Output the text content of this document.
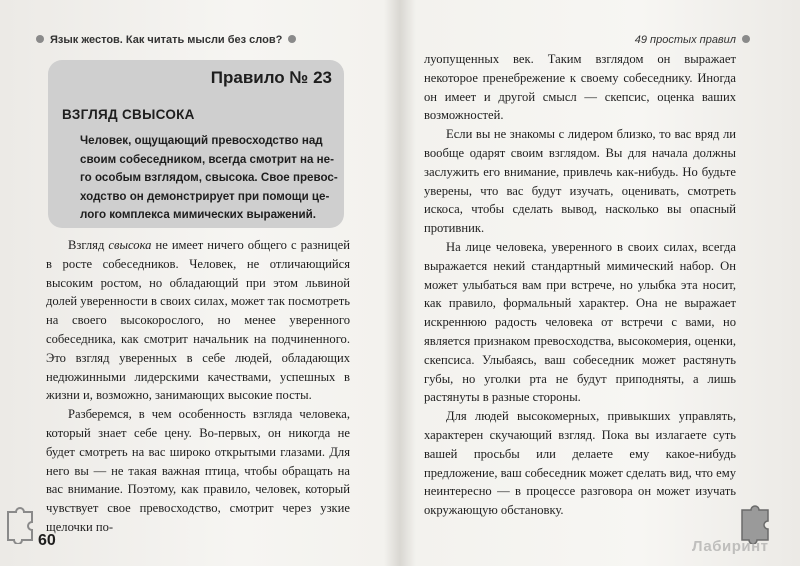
Язык жестов. Как читать мысли без слов?
Правило № 23
ВЗГЛЯД СВЫСОКА
Человек, ощущающий превосходство над
своим собеседником, всегда смотрит на не-
го особым взглядом, свысока. Свое превос-
ходство он демонстрирует при помощи це-
лого комплекса мимических выражений.

Взгляд свысока не имеет ничего общего с разницей в росте собеседников. Человек, не отличающийся высоким ростом, но обладающий при этом львиной долей уверенности в своих силах, может так посмотреть на своего высокорослого, но менее уверенного собеседника, как смотрит начальник на подчиненного. Это взгляд уверенных в себе людей, обладающих недюжинными лидерскими качествами, успешных в жизни и, возможно, занимающих высокие посты.

Разберемся, в чем особенность взгляда человека, который знает себе цену. Во-первых, он никогда не будет смотреть на вас широко открытыми глазами. Для него вы — не такая важная птица, чтобы обращать на вас внимание. Поэтому, как правило, человек, который чувствует свое превосходство, смотрит через узкие щелочки по-

60
49 простых правил

луопущенных век. Таким взглядом он выражает некоторое пренебрежение к своему собеседнику. Иногда он имеет и другой смысл — скепсис, оценка ваших возможностей.

Если вы не знакомы с лидером близко, то вас вряд ли вообще одарят своим взглядом. Вы для начала должны заслужить его внимание, привлечь как-нибудь. Но будьте уверены, что вас будут изучать, оценивать, смотреть искоса, чтобы сделать вывод, насколько вы опасный противник.

На лице человека, уверенного в своих силах, всегда выражается некий стандартный мимический набор. Он может улыбаться вам при встрече, но улыбка эта носит, как правило, формальный характер. Она не выражает искреннюю радость человека от встречи с вами, но является признаком превосходства, высокомерия, оценки, скепсиса. Улыбаясь, ваш собеседник может растянуть губы, но уголки рта не будут приподняты, а лишь растянуты в разные стороны.

Для людей высокомерных, привыкших управлять, характерен скучающий взгляд. Пока вы излагаете суть вашей просьбы или делаете ему какое-нибудь предложение, ваш собеседник может сделать вид, что ему неинтересно — в процессе разговора он может изучать окружающую обстановку.

Лабиринт
